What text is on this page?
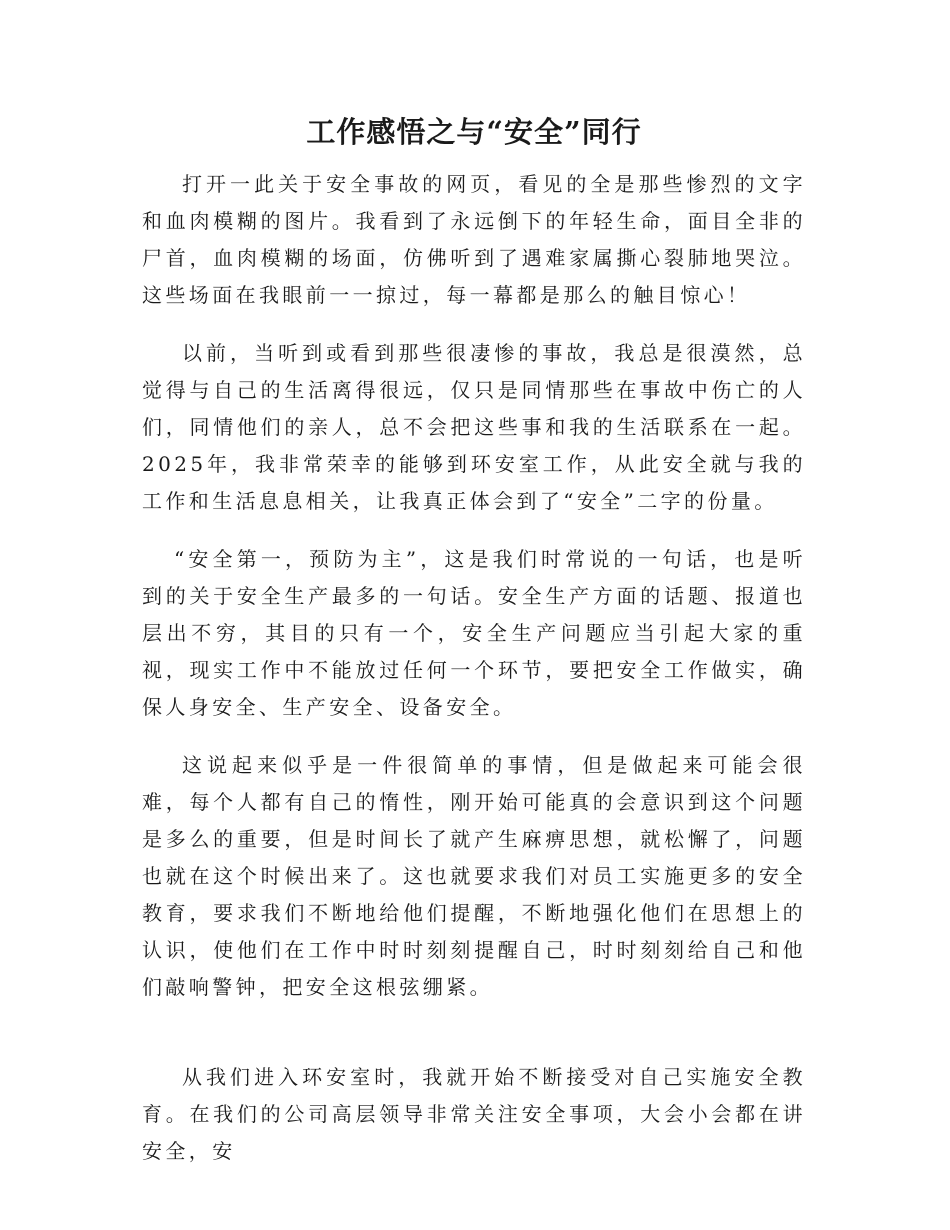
工作感悟之与“安全”同行

打开一此关于安全事故的网页，看见的全是那些惨烈的文字和血肉模糊的图片。我看到了永远倒下的年轻生命，面目全非的尸首，血肉模糊的场面，仿佛听到了遇难家属撕心裂肺地哭泣。这些场面在我眼前一一掠过，每一幕都是那么的触目惊心！

以前，当听到或看到那些很凄惨的事故，我总是很漠然，总觉得与自己的生活离得很远，仅只是同情那些在事故中伤亡的人们，同情他们的亲人，总不会把这些事和我的生活联系在一起。2025年，我非常荣幸的能够到环安室工作，从此安全就与我的工作和生活息息相关，让我真正体会到了“安全”二字的份量。

“安全第一，预防为主”，这是我们时常说的一句话，也是听到的关于安全生产最多的一句话。安全生产方面的话题、报道也层出不穷，其目的只有一个，安全生产问题应当引起大家的重视，现实工作中不能放过任何一个环节，要把安全工作做实，确保人身安全、生产安全、设备安全。

这说起来似乎是一件很简单的事情，但是做起来可能会很难，每个人都有自己的惰性，刚开始可能真的会意识到这个问题是多么的重要，但是时间长了就产生麻痹思想，就松懈了，问题也就在这个时候出来了。这也就要求我们对员工实施更多的安全教育，要求我们不断地给他们提醒，不断地强化他们在思想上的认识，使他们在工作中时时刻刻提醒自己，时时刻刻给自己和他们敲响警钟，把安全这根弦绷紧。

从我们进入环安室时，我就开始不断接受对自己实施安全教育。在我们的公司高层领导非常关注安全事项，大会小会都在讲安全，安
